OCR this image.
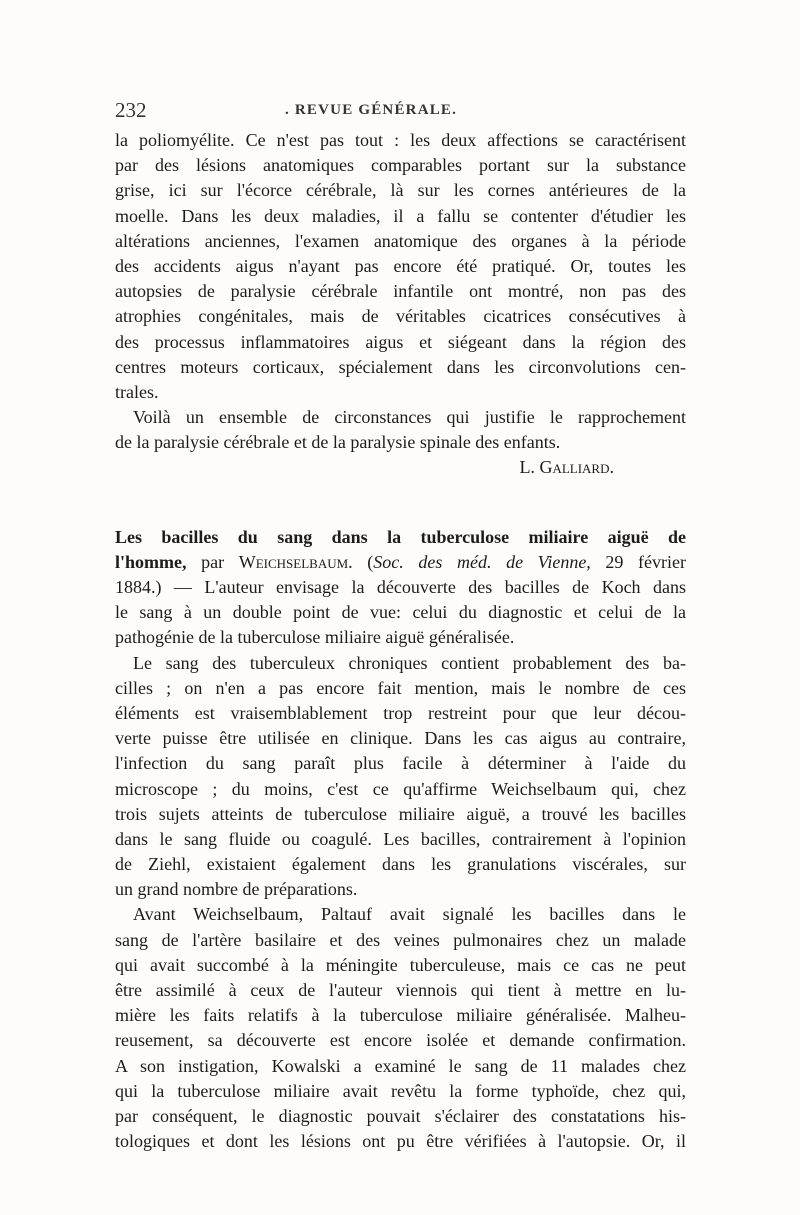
232	. REVUE GÉNÉRALE.
la poliomyélite. Ce n'est pas tout : les deux affections se caractérisent
par des lésions anatomiques comparables portant sur la substance
grise, ici sur l'écorce cérébrale, là sur les cornes antérieures de la
moelle. Dans les deux maladies, il a fallu se contenter d'étudier les
altérations anciennes, l'examen anatomique des organes à la période
des accidents aigus n'ayant pas encore été pratiqué. Or, toutes les
autopsies de paralysie cérébrale infantile ont montré, non pas des
atrophies congénitales, mais de véritables cicatrices consécutives à
des processus inflammatoires aigus et siégeant dans la région des
centres moteurs corticaux, spécialement dans les circonvolutions cen-
trales.
Voilà un ensemble de circonstances qui justifie le rapprochement
de la paralysie cérébrale et de la paralysie spinale des enfants.
L. Galliard.
Les bacilles du sang dans la tuberculose miliaire aiguë de
l'homme, par Weichselbaum. (Soc. des méd. de Vienne, 29 février
1884.) — L'auteur envisage la découverte des bacilles de Koch dans
le sang à un double point de vue: celui du diagnostic et celui de la
pathogénie de la tuberculose miliaire aiguë généralisée.
Le sang des tuberculeux chroniques contient probablement des ba-
cilles ; on n'en a pas encore fait mention, mais le nombre de ces
éléments est vraisemblablement trop restreint pour que leur décou-
verte puisse être utilisée en clinique. Dans les cas aigus au contraire,
l'infection du sang paraît plus facile à déterminer à l'aide du
microscope ; du moins, c'est ce qu'affirme Weichselbaum qui, chez
trois sujets atteints de tuberculose miliaire aiguë, a trouvé les bacilles
dans le sang fluide ou coagulé. Les bacilles, contrairement à l'opinion
de Ziehl, existaient également dans les granulations viscérales, sur
un grand nombre de préparations.
Avant Weichselbaum, Paltauf avait signalé les bacilles dans le
sang de l'artère basilaire et des veines pulmonaires chez un malade
qui avait succombé à la méningite tuberculeuse, mais ce cas ne peut
être assimilé à ceux de l'auteur viennois qui tient à mettre en lu-
mière les faits relatifs à la tuberculose miliaire généralisée. Malheu-
reusement, sa découverte est encore isolée et demande confirmation.
A son instigation, Kowalski a examiné le sang de 11 malades chez
qui la tuberculose miliaire avait revêtu la forme typhoïde, chez qui,
par conséquent, le diagnostic pouvait s'éclairer des constatations his-
tologiques et dont les lésions ont pu être vérifiées à l'autopsie. Or, il
